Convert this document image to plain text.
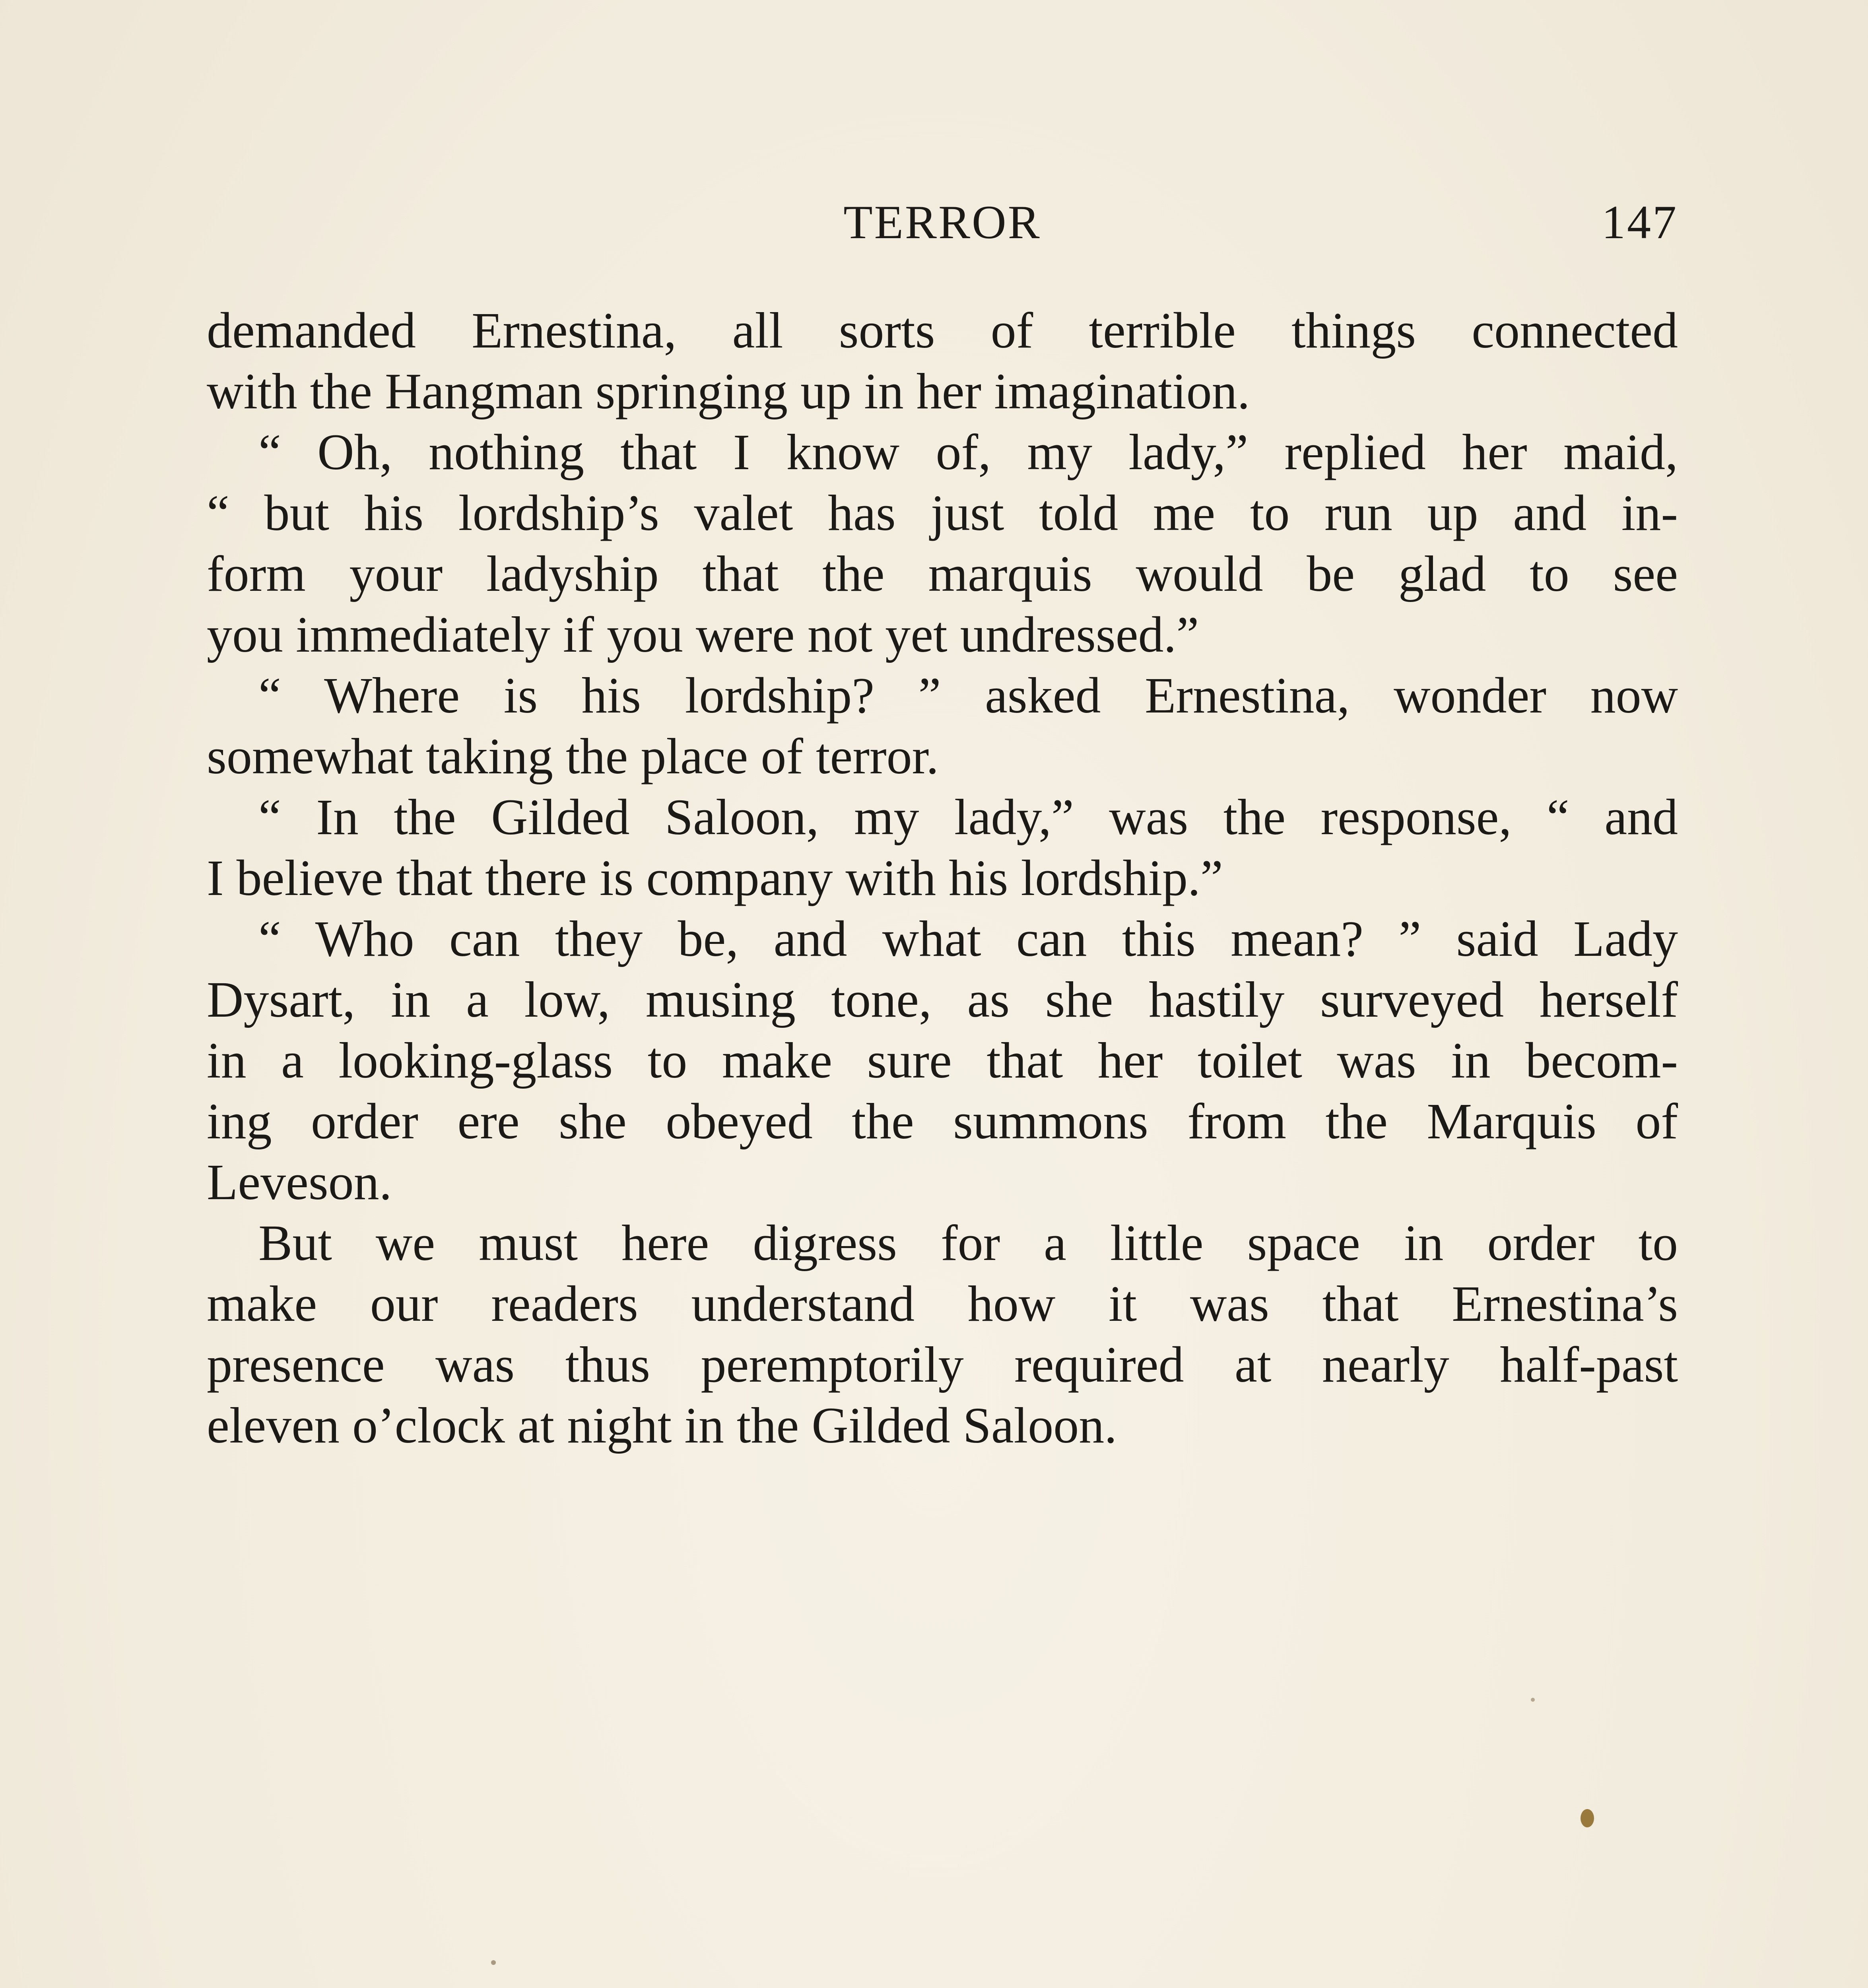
TERROR	147
demanded Ernestina, all sorts of terrible things connected
with the Hangman springing up in her imagination.
“ Oh, nothing that I know of, my lady,” replied her maid,
“ but his lordship’s valet has just told me to run up and in-
form your ladyship that the marquis would be glad to see
you immediately if you were not yet undressed.”
“ Where is his lordship? ” asked Ernestina, wonder now
somewhat taking the place of terror.
“ In the Gilded Saloon, my lady,” was the response, “ and
I believe that there is company with his lordship.”
“ Who can they be, and what can this mean? ” said Lady
Dysart, in a low, musing tone, as she hastily surveyed herself
in a looking-glass to make sure that her toilet was in becom-
ing order ere she obeyed the summons from the Marquis of
Leveson.
But we must here digress for a little space in order to
make our readers understand how it was that Ernestina’s
presence was thus peremptorily required at nearly half-past
eleven o’clock at night in the Gilded Saloon.
